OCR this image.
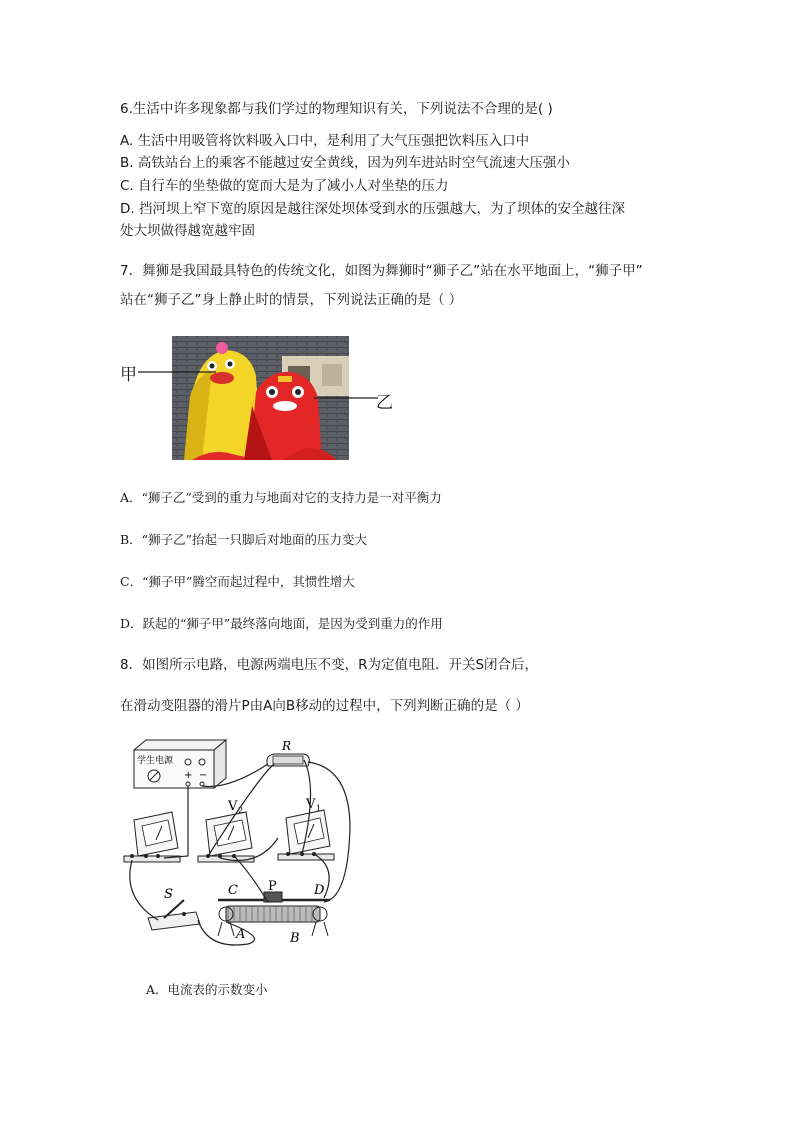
6.生活中许多现象都与我们学过的物理知识有关，下列说法不合理的是( )
A. 生活中用吸管将饮料吸入口中，是利用了大气压强把饮料压入口中
B. 高铁站台上的乘客不能越过安全黄线，因为列车进站时空气流速大压强小
C. 自行车的坐垫做的宽而大是为了减小人对坐垫的压力
D. 挡河坝上窄下宽的原因是越往深处坝体受到水的压强越大，为了坝体的安全越往深
处大坝做得越宽越牢固
7．舞狮是我国最具特色的传统文化，如图为舞狮时“狮子乙”站在水平地面上，“狮子甲”
站在“狮子乙”身上静止时的情景，下列说法正确的是（ ）
甲
乙
A．“狮子乙”受到的重力与地面对它的支持力是一对平衡力
B．“狮子乙”抬起一只脚后对地面的压力变大
C．“狮子甲”腾空而起过程中，其惯性增大
D．跃起的“狮子甲”最终落向地面，是因为受到重力的作用
8．如图所示电路，电源两端电压不变，R为定值电阻．开关S闭合后，
在滑动变阻器的滑片P由A向B移动的过程中，下列判断正确的是（ ）
学生电源
+ −
R
V 2	V 1
S	C P	D
A	B
A．电流表的示数变小
